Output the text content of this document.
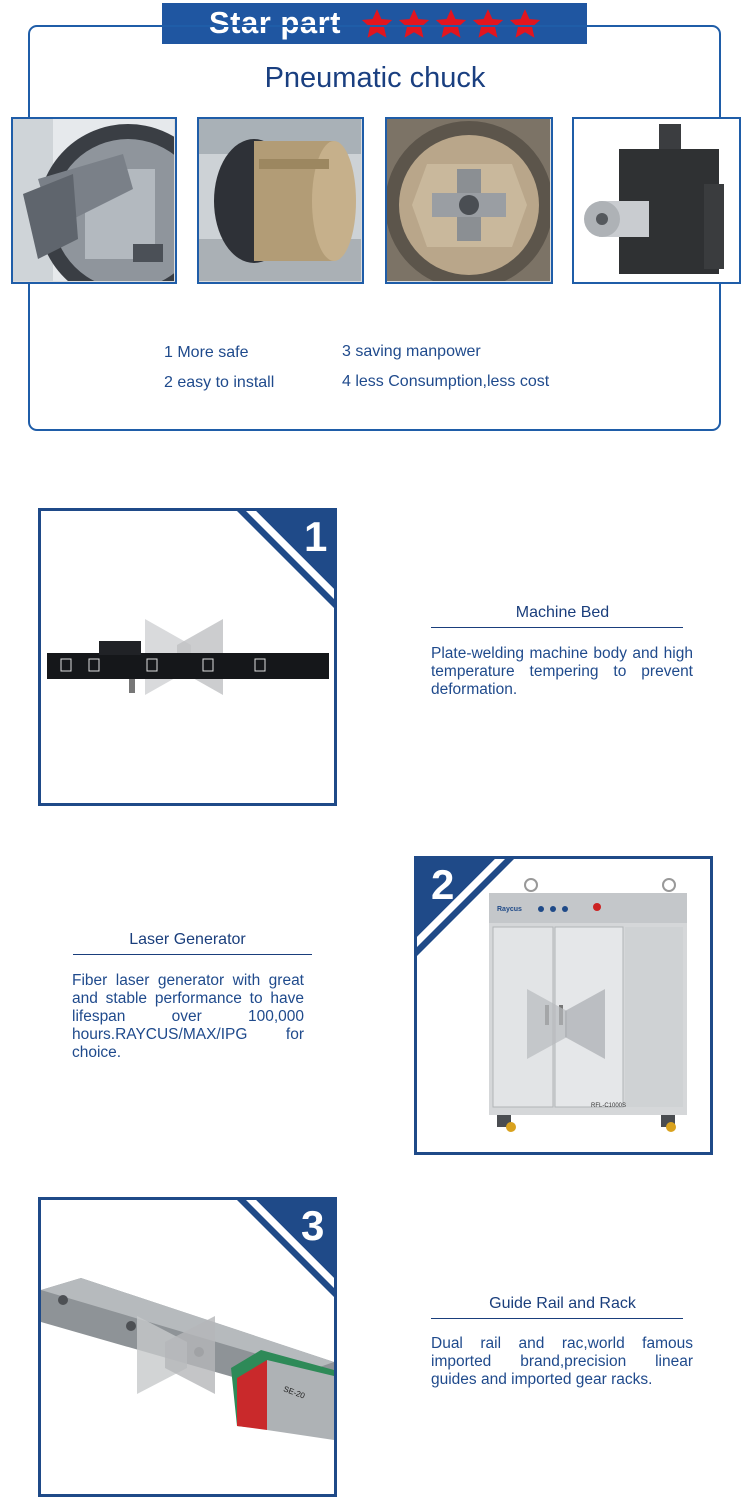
Star part
Pneumatic chuck
1 More safe
2 easy to install
3 saving manpower
4 less Consumption,less cost
1
Machine Bed
Plate-welding machine body and high temperature tempering to prevent deformation.
Laser Generator
Fiber laser generator with great and stable performance to have lifespan over 100,000 hours.RAYCUS/MAX/IPG for choice.
Raycus
RFL-C1000S
2
SE-20
3
Guide Rail and Rack
Dual rail and rac,world famous imported brand,precision linear guides and imported gear racks.
